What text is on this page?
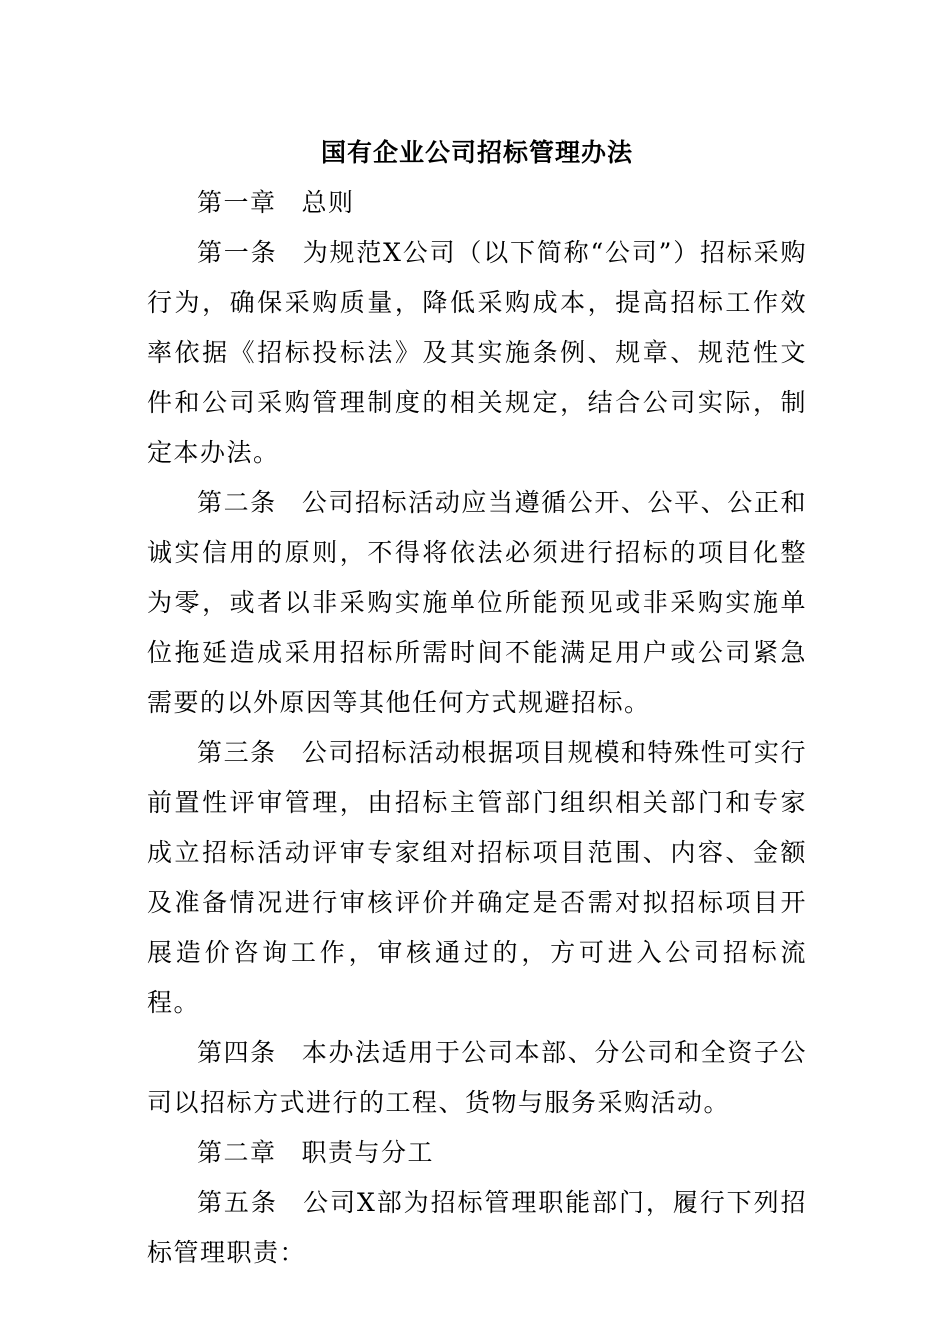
国有企业公司招标管理办法

第一章 总则

第一条 为规范X公司（以下简称“公司”）招标采购行为，确保采购质量，降低采购成本，提高招标工作效率依据《招标投标法》及其实施条例、规章、规范性文件和公司采购管理制度的相关规定，结合公司实际，制定本办法。

第二条 公司招标活动应当遵循公开、公平、公正和诚实信用的原则，不得将依法必须进行招标的项目化整为零，或者以非采购实施单位所能预见或非采购实施单位拖延造成采用招标所需时间不能满足用户或公司紧急需要的以外原因等其他任何方式规避招标。

第三条 公司招标活动根据项目规模和特殊性可实行前置性评审管理，由招标主管部门组织相关部门和专家成立招标活动评审专家组对招标项目范围、内容、金额及准备情况进行审核评价并确定是否需对拟招标项目开展造价咨询工作，审核通过的，方可进入公司招标流程。

第四条 本办法适用于公司本部、分公司和全资子公司以招标方式进行的工程、货物与服务采购活动。

第二章 职责与分工

第五条 公司X部为招标管理职能部门，履行下列招标管理职责：
